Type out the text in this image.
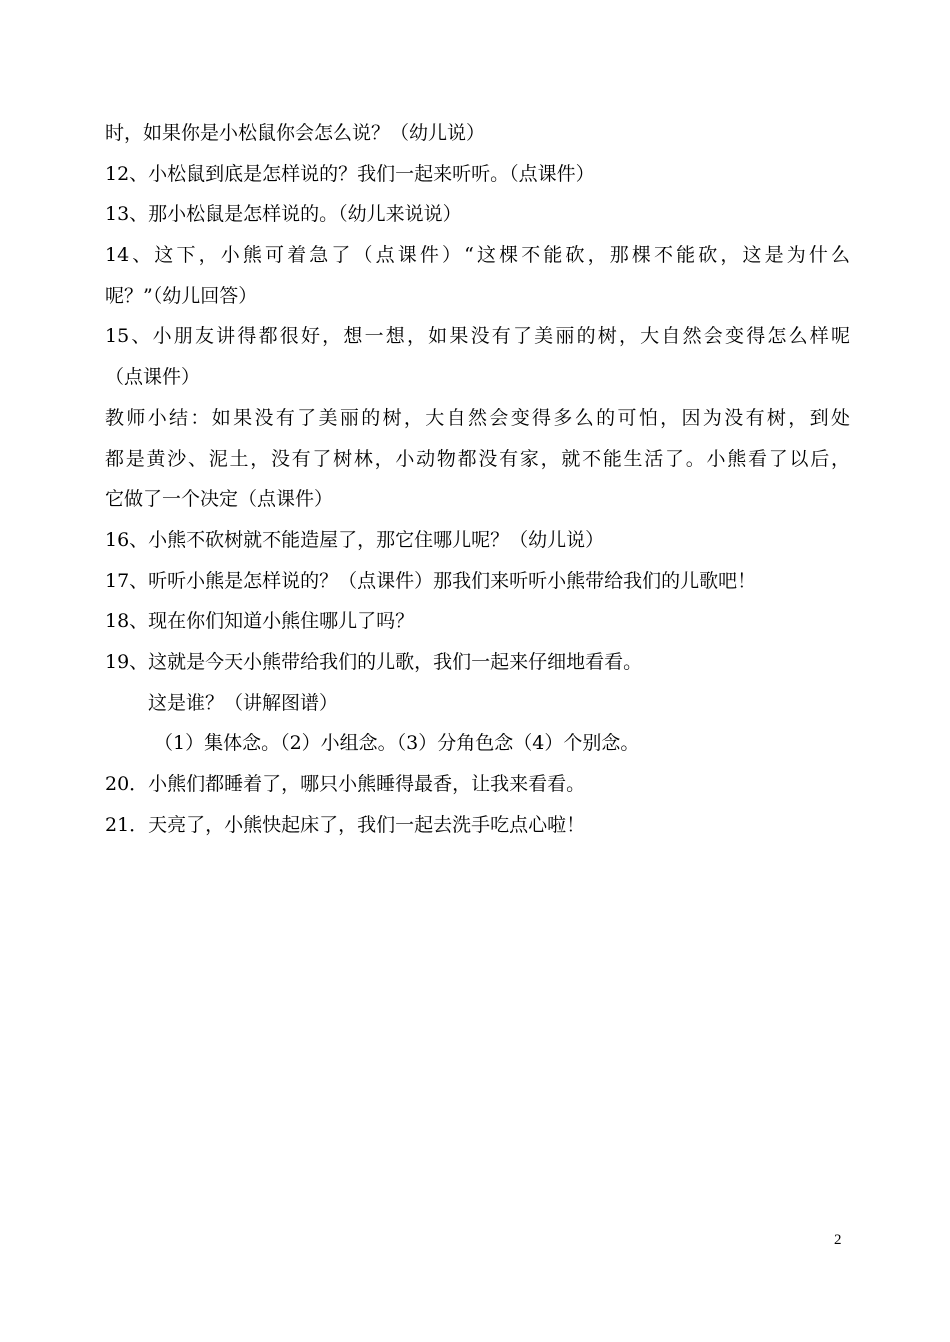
时，如果你是小松鼠你会怎么说？（幼儿说）
12、小松鼠到底是怎样说的？我们一起来听听。（点课件）
13、那小松鼠是怎样说的。（幼儿来说说）
14、这下，小熊可着急了（点课件）“这棵不能砍，那棵不能砍，这是为什么
呢？”（幼儿回答）
15、小朋友讲得都很好，想一想，如果没有了美丽的树，大自然会变得怎么样呢
（点课件）
教师小结：如果没有了美丽的树，大自然会变得多么的可怕，因为没有树，到处
都是黄沙、泥土，没有了树林，小动物都没有家，就不能生活了。小熊看了以后，
它做了一个决定（点课件）
16、小熊不砍树就不能造屋了，那它住哪儿呢？（幼儿说）
17、听听小熊是怎样说的？（点课件）那我们来听听小熊带给我们的儿歌吧！
18、现在你们知道小熊住哪儿了吗？
19、这就是今天小熊带给我们的儿歌，我们一起来仔细地看看。
这是谁？（讲解图谱）
（1）集体念。（2）小组念。（3）分角色念（4）个别念。
20．小熊们都睡着了，哪只小熊睡得最香，让我来看看。
21．天亮了，小熊快起床了，我们一起去洗手吃点心啦！
2
